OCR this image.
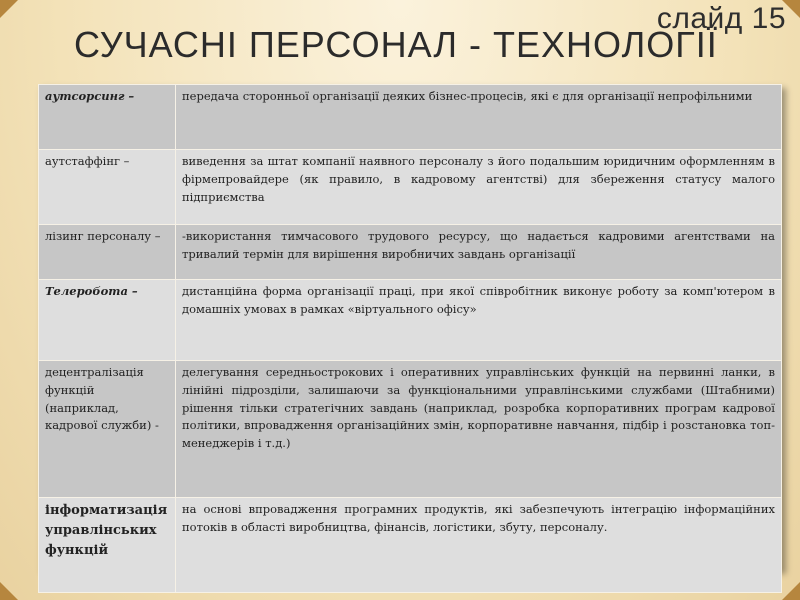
слайд 15
СУЧАСНІ ПЕРСОНАЛ - ТЕХНОЛОГІЇ
аутсорсинг –	передача сторонньої організації деяких бізнес-процесів, які є для організації непрофільними
аутстаффінг –	виведення за штат компанії наявного персоналу з його подальшим юридичним оформленням в фірмепровайдере (як правило, в кадровому агентстві) для збереження статусу малого підприємства
лізинг персоналу –	-використання тимчасового трудового ресурсу, що надається кадровими агентствами на тривалий термін для вирішення виробничих завдань організації
Телеробота –	дистанційна форма організації праці, при якої співробітник виконує роботу за комп'ютером в домашніх умовах в рамках «віртуального офісу»
децентралізація функцій (наприклад, кадрової служби) -	делегування середньострокових і оперативних управлінських функцій на первинні ланки, в лінійні підрозділи, залишаючи за функціональними управлінськими службами (Штабними) рішення тільки стратегічних завдань (наприклад, розробка корпоративних програм кадрової політики, впровадження організаційних змін, корпоративне навчання, підбір і розстановка топ-менеджерів і т.д.)
інформатизація управлінських функцій	на основі впровадження програмних продуктів, які забезпечують інтеграцію інформаційних потоків в області виробництва, фінансів, логістики, збуту, персоналу.
